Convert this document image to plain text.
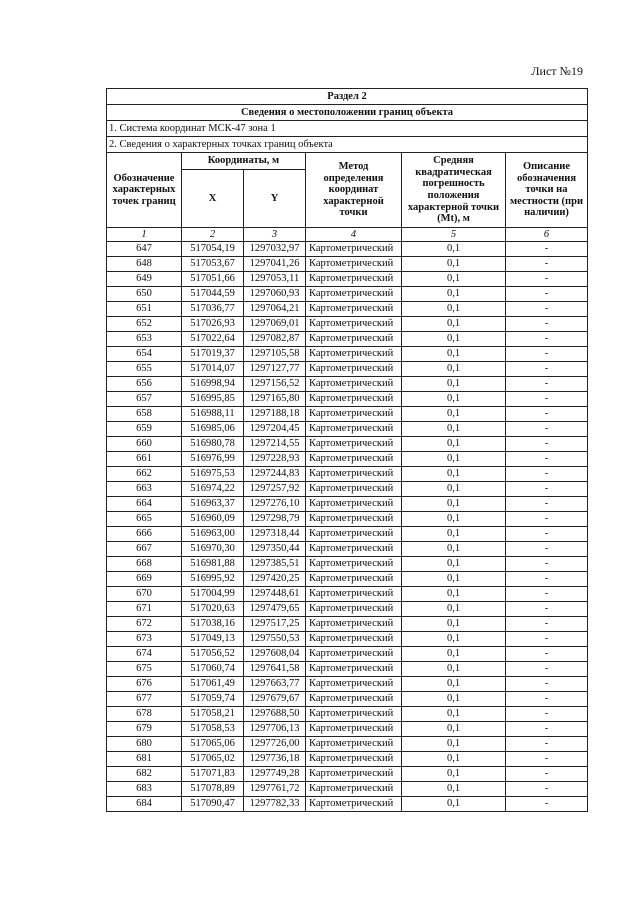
Лист №19
Раздел 2					
Сведения о местоположении границ объекта					
1. Система координат МСК-47 зона 1					
2. Сведения о характерных точках границ объекта					
Обозначение характерных точек границ	Координаты, м		Метод определения координат характерной точки	Средняя квадратическая погрешность положения характерной точки (Mt), м	Описание обозначения точки на местности (при наличии)
	X	Y			
1	2	3	4	5	6
647	517054,19	1297032,97	Картометрический	0,1	-
648	517053,67	1297041,26	Картометрический	0,1	-
649	517051,66	1297053,11	Картометрический	0,1	-
650	517044,59	1297060,93	Картометрический	0,1	-
651	517036,77	1297064,21	Картометрический	0,1	-
652	517026,93	1297069,01	Картометрический	0,1	-
653	517022,64	1297082,87	Картометрический	0,1	-
654	517019,37	1297105,58	Картометрический	0,1	-
655	517014,07	1297127,77	Картометрический	0,1	-
656	516998,94	1297156,52	Картометрический	0,1	-
657	516995,85	1297165,80	Картометрический	0,1	-
658	516988,11	1297188,18	Картометрический	0,1	-
659	516985,06	1297204,45	Картометрический	0,1	-
660	516980,78	1297214,55	Картометрический	0,1	-
661	516976,99	1297228,93	Картометрический	0,1	-
662	516975,53	1297244,83	Картометрический	0,1	-
663	516974,22	1297257,92	Картометрический	0,1	-
664	516963,37	1297276,10	Картометрический	0,1	-
665	516960,09	1297298,79	Картометрический	0,1	-
666	516963,00	1297318,44	Картометрический	0,1	-
667	516970,30	1297350,44	Картометрический	0,1	-
668	516981,88	1297385,51	Картометрический	0,1	-
669	516995,92	1297420,25	Картометрический	0,1	-
670	517004,99	1297448,61	Картометрический	0,1	-
671	517020,63	1297479,65	Картометрический	0,1	-
672	517038,16	1297517,25	Картометрический	0,1	-
673	517049,13	1297550,53	Картометрический	0,1	-
674	517056,52	1297608,04	Картометрический	0,1	-
675	517060,74	1297641,58	Картометрический	0,1	-
676	517061,49	1297663,77	Картометрический	0,1	-
677	517059,74	1297679,67	Картометрический	0,1	-
678	517058,21	1297688,50	Картометрический	0,1	-
679	517058,53	1297706,13	Картометрический	0,1	-
680	517065,06	1297726,00	Картометрический	0,1	-
681	517065,02	1297736,18	Картометрический	0,1	-
682	517071,83	1297749,28	Картометрический	0,1	-
683	517078,89	1297761,72	Картометрический	0,1	-
684	517090,47	1297782,33	Картометрический	0,1	-
